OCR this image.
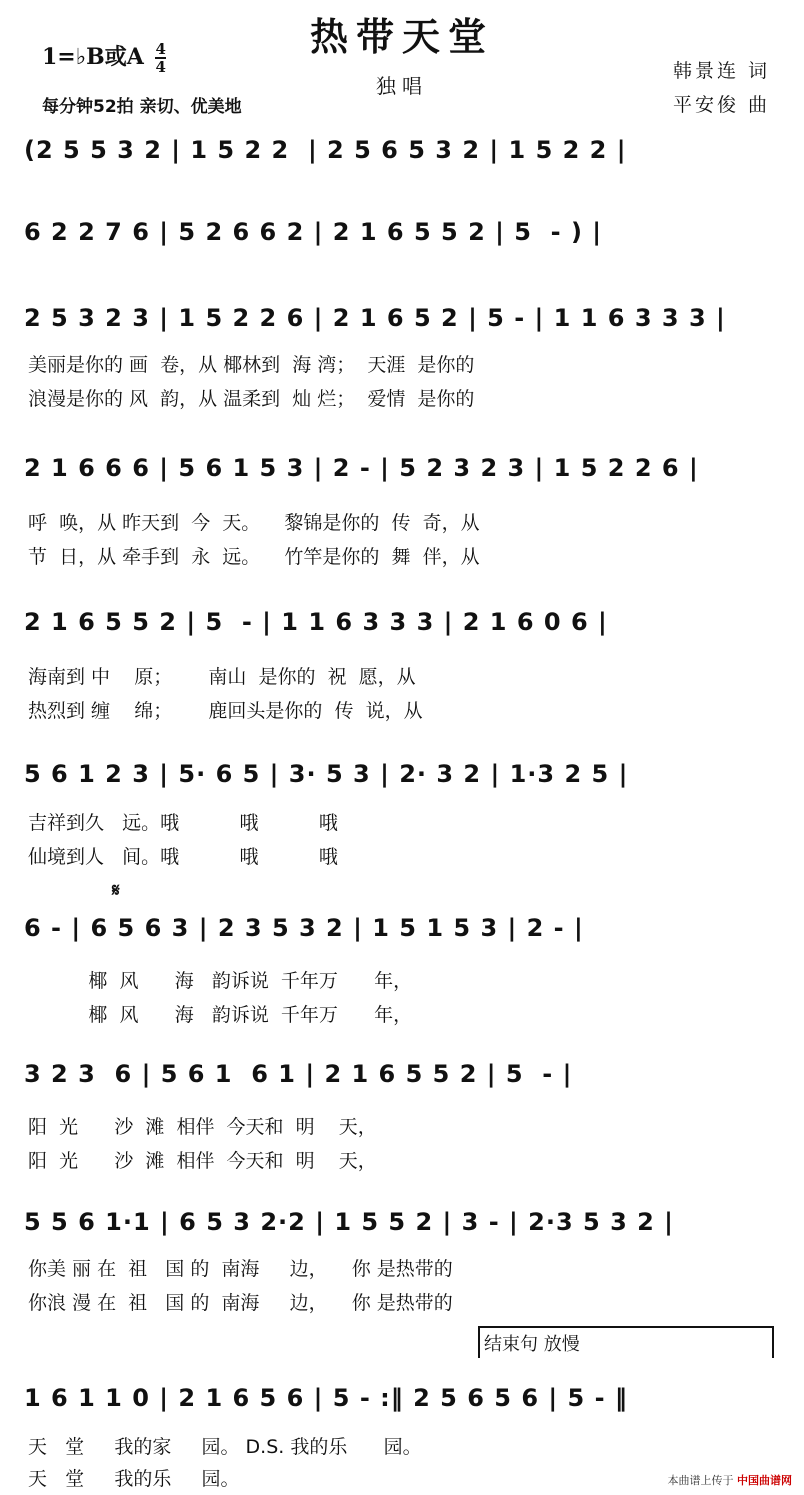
热带天堂
独唱
1=♭B或A $\frac{4}{4}$
每分钟52拍 亲切、优美地
韩景连 词
平安俊 曲
(2 5 5 3 2 | 1 5 2 2  | 2 5 6 5 3 2 | 1 5 2 2 |
6 2 2 7 6 | 5 2 6 6 2 | 2 1 6 5 5 2 | 5  - ) |
2 5 3 2 3 | 1 5 2 2 6 | 2 1 6 5 2 | 5 - | 1 1 6 3 3 3 |
美丽是你的 画  卷，从 椰林到  海 湾；  天涯  是你的
浪漫是你的 风  韵，从 温柔到  灿 烂；  爱情  是你的
2 1 6 6 6 | 5 6 1 5 3 | 2 - | 5 2 3 2 3 | 1 5 2 2 6 |
呼  唤，从 昨天到  今  天。    黎锦是你的  传  奇，从
节  日，从 牵手到  永  远。    竹竿是你的  舞  伴，从
2 1 6 5 5 2 | 5  - | 1 1 6 3 3 3 | 2 1 6 0 6 |
海南到 中    原；      南山  是你的  祝  愿，从
热烈到 缠    绵；      鹿回头是你的  传  说，从
5 6 1 2 3 | 5· 6 5 | 3· 5 3 | 2· 3 2 | 1·3 2 5 |
吉祥到久   远。哦          哦          哦
仙境到人   间。哦          哦          哦
𝄋
6 - | 6 5 6 3 | 2 3 5 3 2 | 1 5 1 5 3 | 2 - |
椰  风      海   韵诉说  千年万      年，
椰  风      海   韵诉说  千年万      年，
3 2 3  6 | 5 6 1  6 1 | 2 1 6 5 5 2 | 5  - |
阳  光      沙  滩  相伴  今天和  明    天，
阳  光      沙  滩  相伴  今天和  明    天，
5 5 6 1·1 | 6 5 3 2·2 | 1 5 5 2 | 3 - | 2·3 5 3 2 |
你美 丽 在  祖   国 的  南海     边，    你 是热带的
你浪 漫 在  祖   国 的  南海     边，    你 是热带的
结束句 放慢
1 6 1 1 0 | 2 1 6 5 6 | 5 - :‖ 2 5 6 5 6 | 5 - ‖
天   堂     我的家     园。 D.S. 我的乐      园。
天   堂     我的乐     园。	本曲谱上传于 中国曲谱网
